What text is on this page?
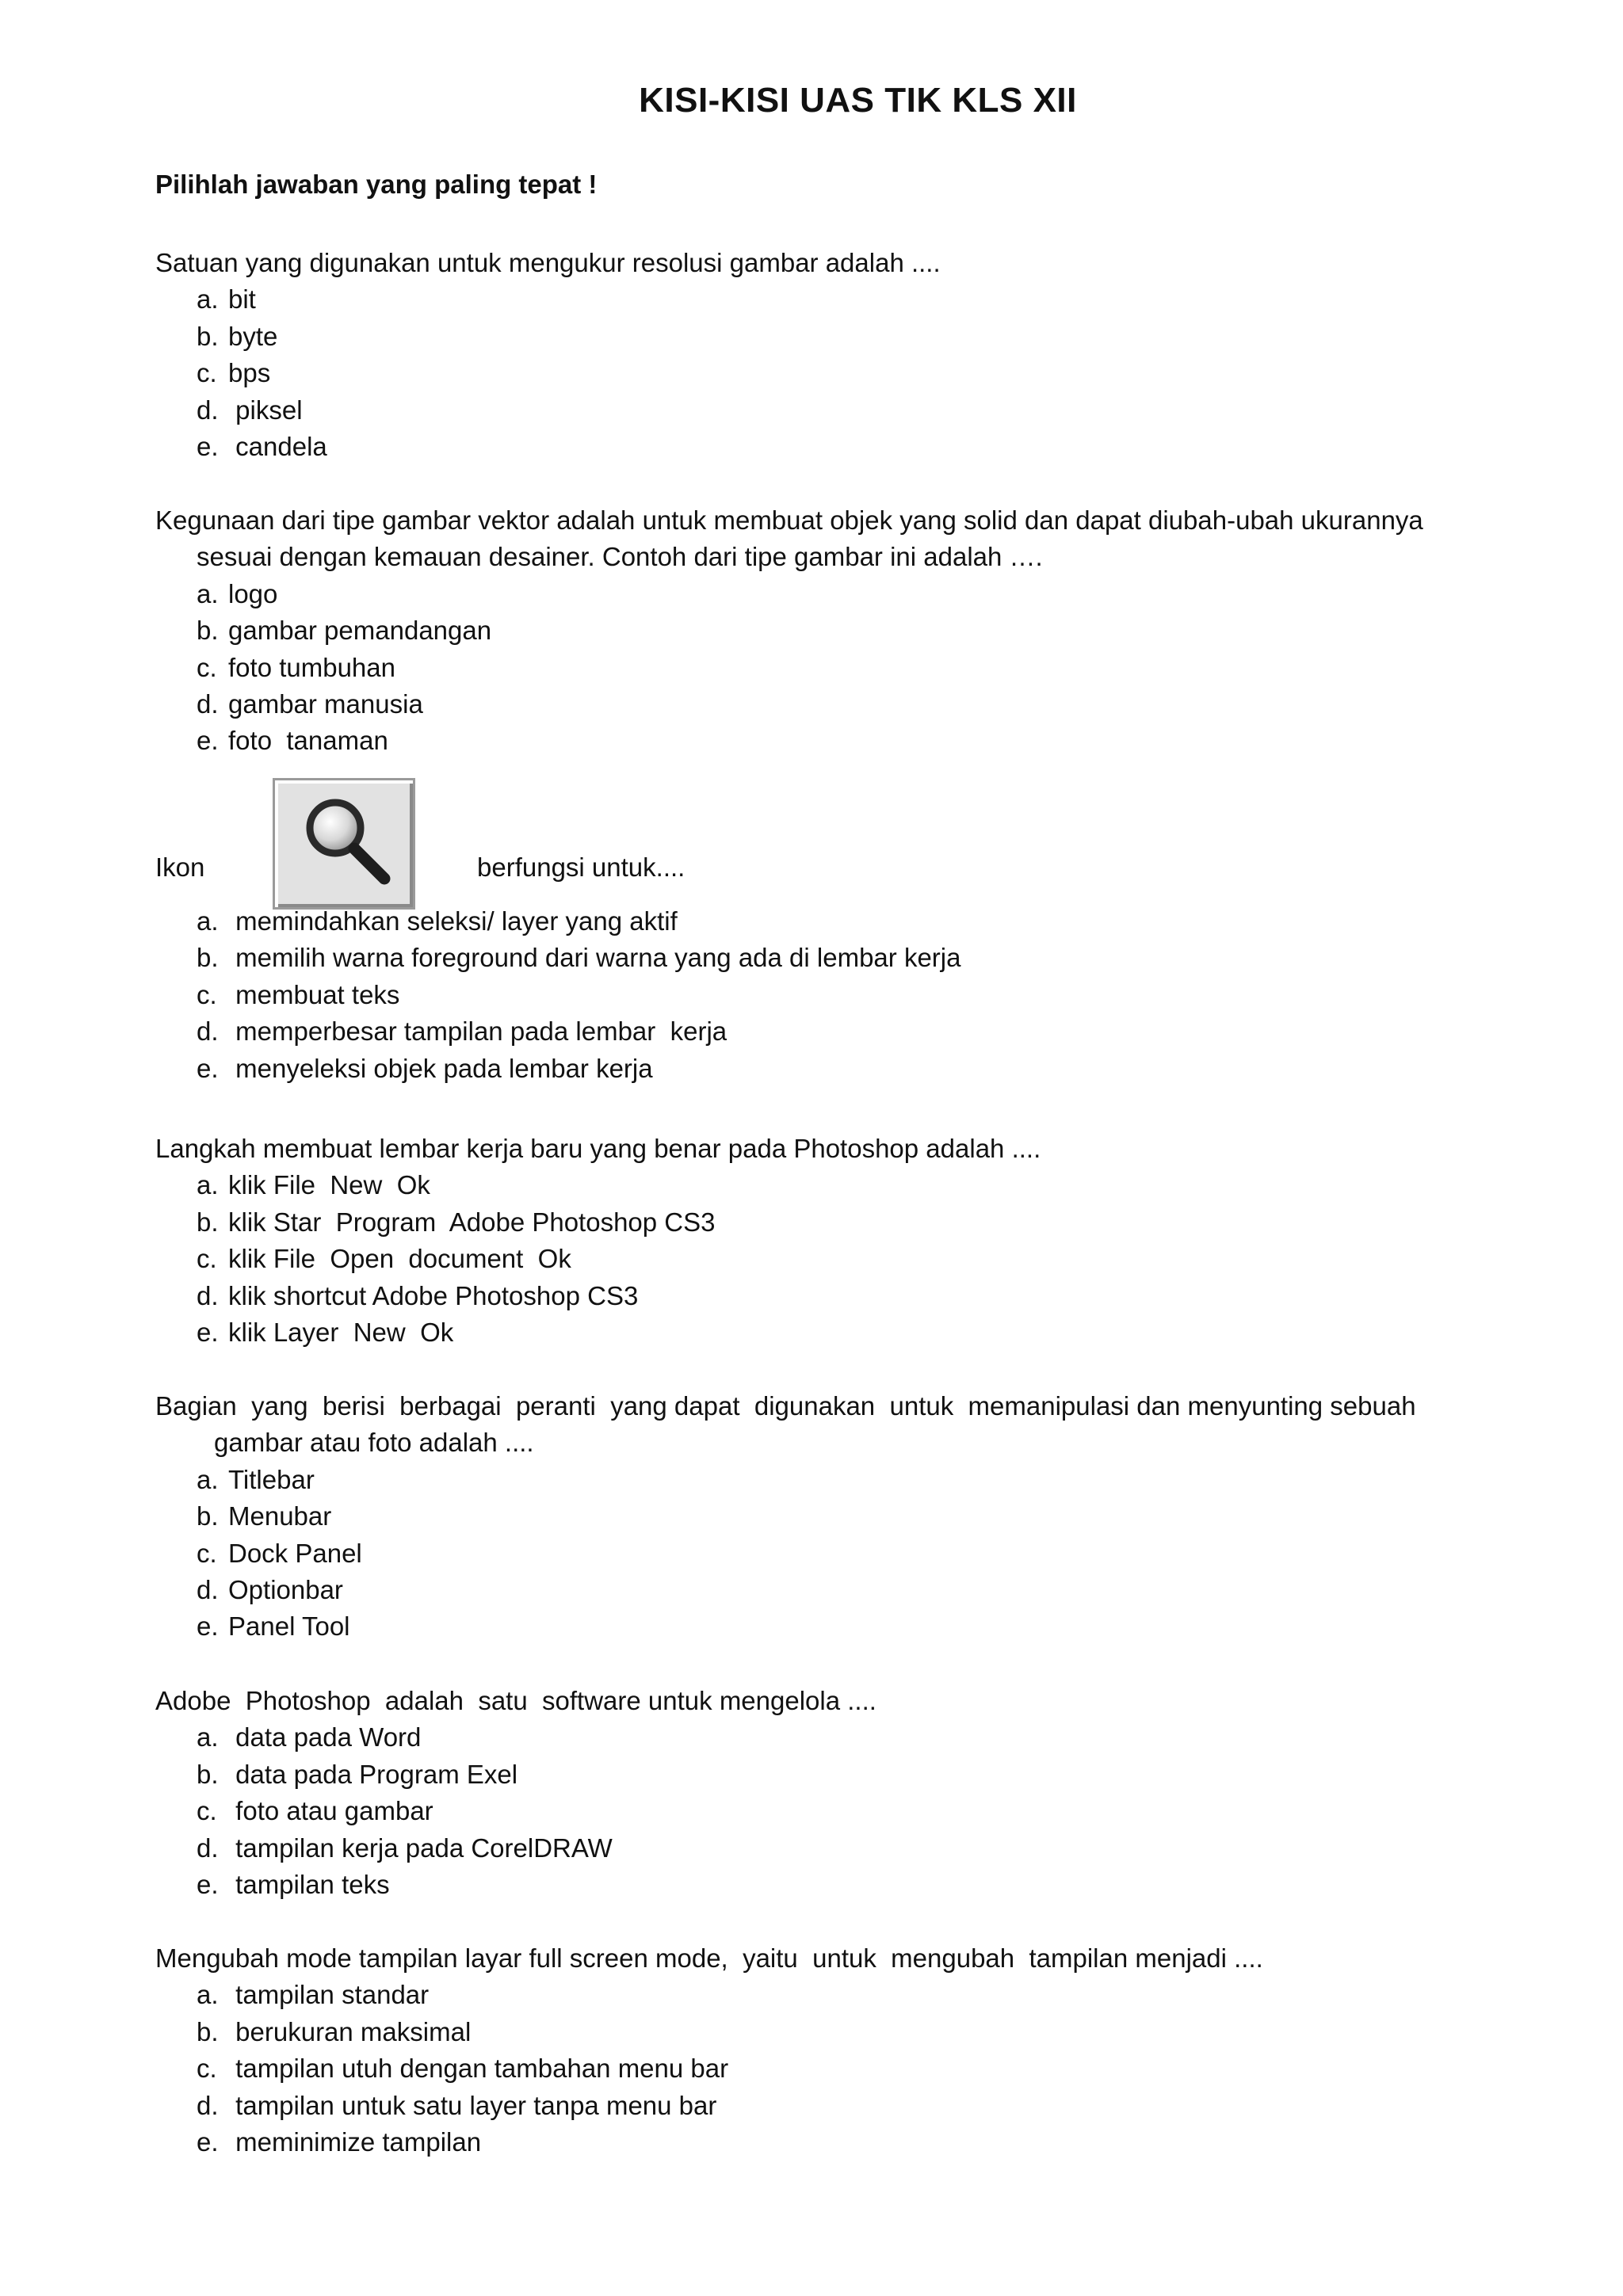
KISI-KISI UAS TIK KLS XII
Pilihlah jawaban yang paling tepat !

Satuan yang digunakan untuk mengukur resolusi gambar adalah ....

a. bit
b. byte
c. bps
d. piksel
e. candela

Kegunaan dari tipe gambar vektor adalah untuk membuat objek yang solid dan dapat diubah-ubah ukurannya
sesuai dengan kemauan desainer. Contoh dari tipe gambar ini adalah ….

a. logo
b. gambar pemandangan
c. foto tumbuhan
d. gambar manusia
e. foto  tanaman
Ikon	berfungsi untuk....
a. memindahkan seleksi/ layer yang aktif
b. memilih warna foreground dari warna yang ada di lembar kerja
c. membuat teks
d. memperbesar tampilan pada lembar  kerja
e. menyeleksi objek pada lembar kerja

Langkah membuat lembar kerja baru yang benar pada Photoshop adalah ....

a. klik File  New  Ok
b. klik Star  Program  Adobe Photoshop CS3
c. klik File  Open  document  Ok
d. klik shortcut Adobe Photoshop CS3
e. klik Layer  New  Ok

Bagian  yang  berisi  berbagai  peranti  yang dapat  digunakan  untuk  memanipulasi dan menyunting sebuah
gambar atau foto adalah ....

a. Titlebar
b. Menubar
c. Dock Panel
d. Optionbar
e. Panel Tool

Adobe  Photoshop  adalah  satu  software untuk mengelola ....

a. data pada Word
b. data pada Program Exel
c. foto atau gambar
d. tampilan kerja pada CorelDRAW
e. tampilan teks

Mengubah mode tampilan layar full screen mode,  yaitu  untuk  mengubah  tampilan menjadi ....

a. tampilan standar
b. berukuran maksimal
c. tampilan utuh dengan tambahan menu bar
d. tampilan untuk satu layer tanpa menu bar
e. meminimize tampilan
